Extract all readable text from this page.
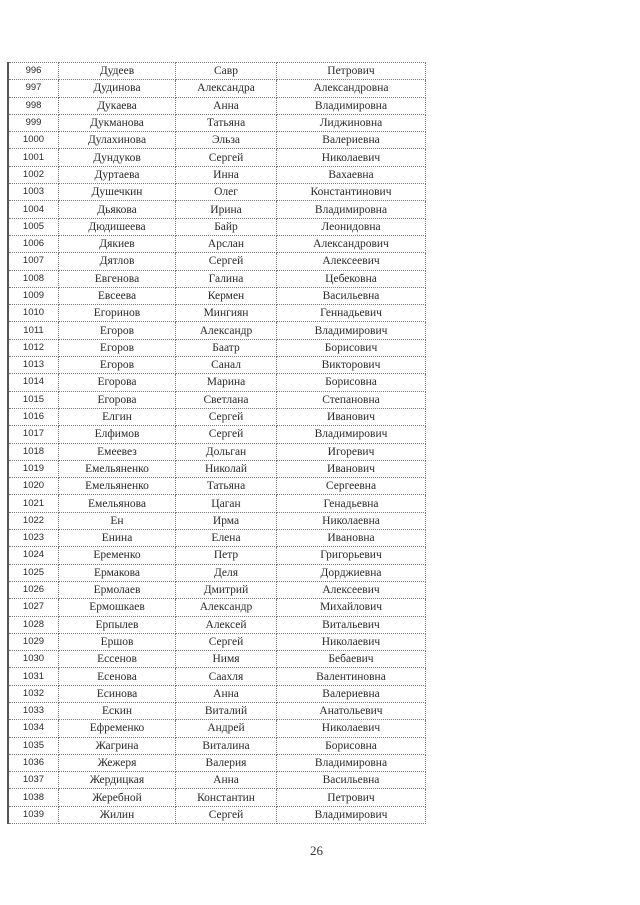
996	Дудеев	Савр	Петрович
997	Дудинова	Александра	Александровна
998	Дукаева	Анна	Владимировна
999	Дукманова	Татьяна	Лиджиновна
1000	Дулахинова	Эльза	Валериевна
1001	Дундуков	Сергей	Николаевич
1002	Дуртаева	Инна	Вахаевна
1003	Душечкин	Олег	Константинович
1004	Дьякова	Ирина	Владимировна
1005	Дюдишеева	Байр	Леонидовна
1006	Дякиев	Арслан	Александрович
1007	Дятлов	Сергей	Алексеевич
1008	Евгенова	Галина	Цебековна
1009	Евсеева	Кермен	Васильевна
1010	Егоринов	Мингиян	Геннадьевич
1011	Егоров	Александр	Владимирович
1012	Егоров	Баатр	Борисович
1013	Егоров	Санал	Викторович
1014	Егорова	Марина	Борисовна
1015	Егорова	Светлана	Степановна
1016	Елгин	Сергей	Иванович
1017	Елфимов	Сергей	Владимирович
1018	Емеевез	Дольган	Игоревич
1019	Емельяненко	Николай	Иванович
1020	Емельяненко	Татьяна	Сергеевна
1021	Емельянова	Цаган	Генадьевна
1022	Ен	Ирма	Николаевна
1023	Енина	Елена	Ивановна
1024	Еременко	Петр	Григорьевич
1025	Ермакова	Деля	Дорджиевна
1026	Ермолаев	Дмитрий	Алексеевич
1027	Ермошкаев	Александр	Михайлович
1028	Ерпылев	Алексей	Витальевич
1029	Ершов	Сергей	Николаевич
1030	Ессенов	Нимя	Бебаевич
1031	Есенова	Саахля	Валентиновна
1032	Есинова	Анна	Валериевна
1033	Ескин	Виталий	Анатольевич
1034	Ефременко	Андрей	Николаевич
1035	Жагрина	Виталина	Борисовна
1036	Жежеря	Валерия	Владимировна
1037	Жердицкая	Анна	Васильевна
1038	Жеребной	Константин	Петрович
1039	Жилин	Сергей	Владимирович
26
